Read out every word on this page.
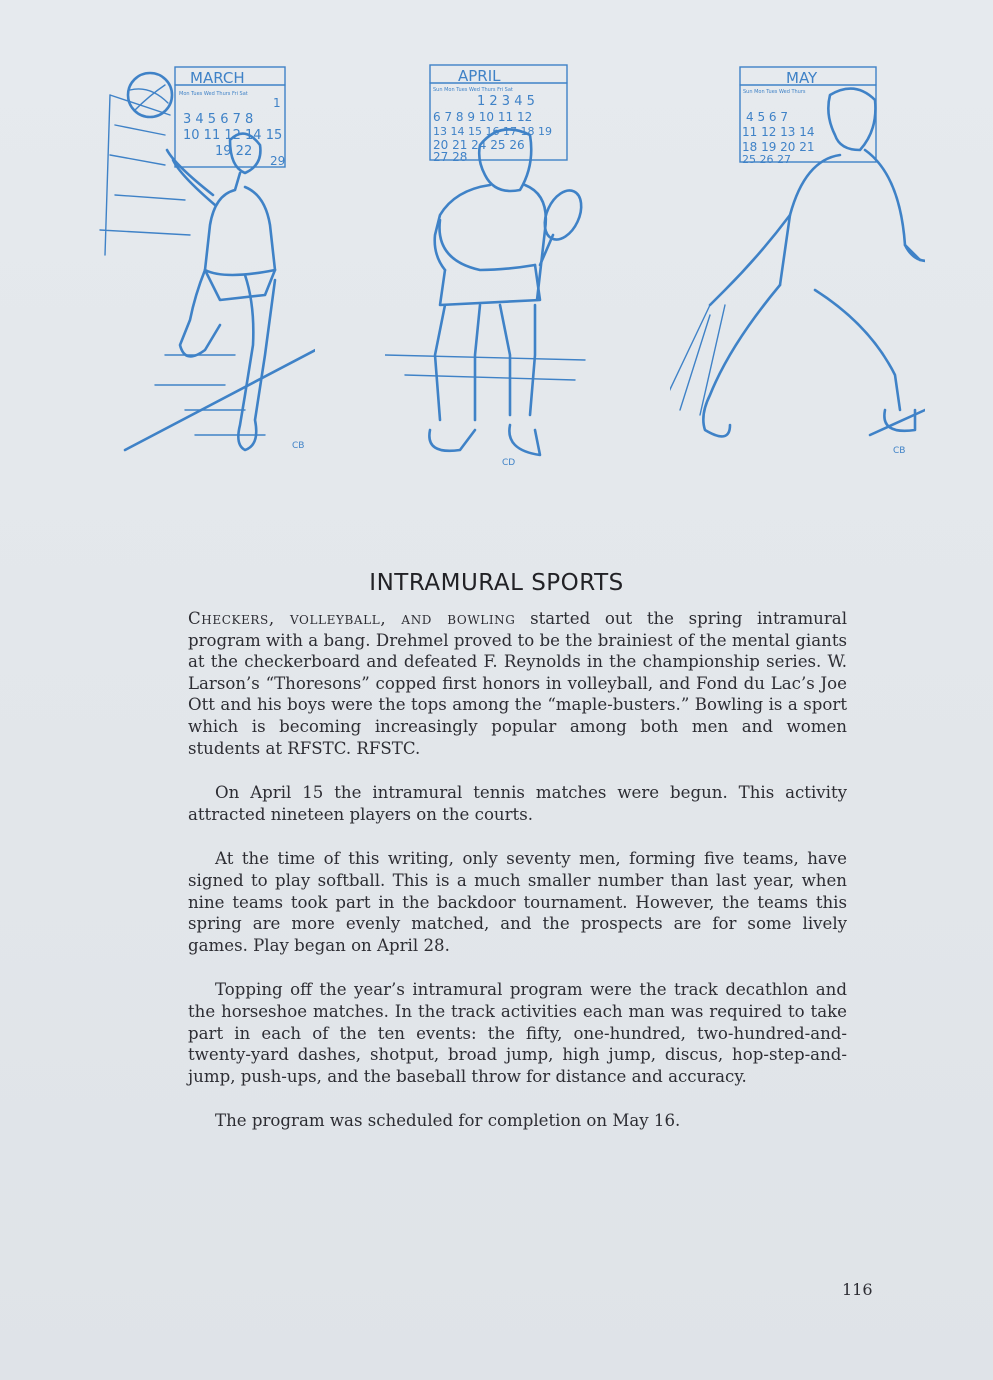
MARCH
Mon Tues Wed Thurs Fri Sat
1
3 4 5 6 7 8
10 11 12 14 15
19 22
29
CB
APRIL
Sun Mon Tues Wed Thurs Fri Sat
1 2 3 4 5
6 7 8 9 10 11 12
13 14 15 16 17 18 19
20 21 24 25 26
27 28
CD
MAY
Sun Mon Tues Wed Thurs
4 5 6 7
11 12 13 14
18 19 20 21
25 26 27
CB
INTRAMURAL SPORTS

Checkers, volleyball, and bowling started out the spring intramural program with a bang. Drehmel proved to be the brainiest of the mental giants at the checkerboard and defeated F. Reynolds in the championship series. W. Larson’s “Thoresons” copped first honors in volleyball, and Fond du Lac’s Joe Ott and his boys were the tops among the “maple-busters.” Bowling is a sport which is becoming increasingly popular among both men and women students at RFSTC. RFSTC.

On April 15 the intramural tennis matches were begun. This activity attracted nineteen players on the courts.

At the time of this writing, only seventy men, forming five teams, have signed to play softball. This is a much smaller number than last year, when nine teams took part in the backdoor tournament. However, the teams this spring are more evenly matched, and the prospects are for some lively games. Play began on April 28.

Topping off the year’s intramural program were the track decathlon and the horseshoe matches. In the track activities each man was required to take part in each of the ten events: the fifty, one-hundred, two-hundred-and-twenty-yard dashes, shotput, broad jump, high jump, discus, hop-step-and-jump, push-ups, and the baseball throw for distance and accuracy.

The program was scheduled for completion on May 16.

116
